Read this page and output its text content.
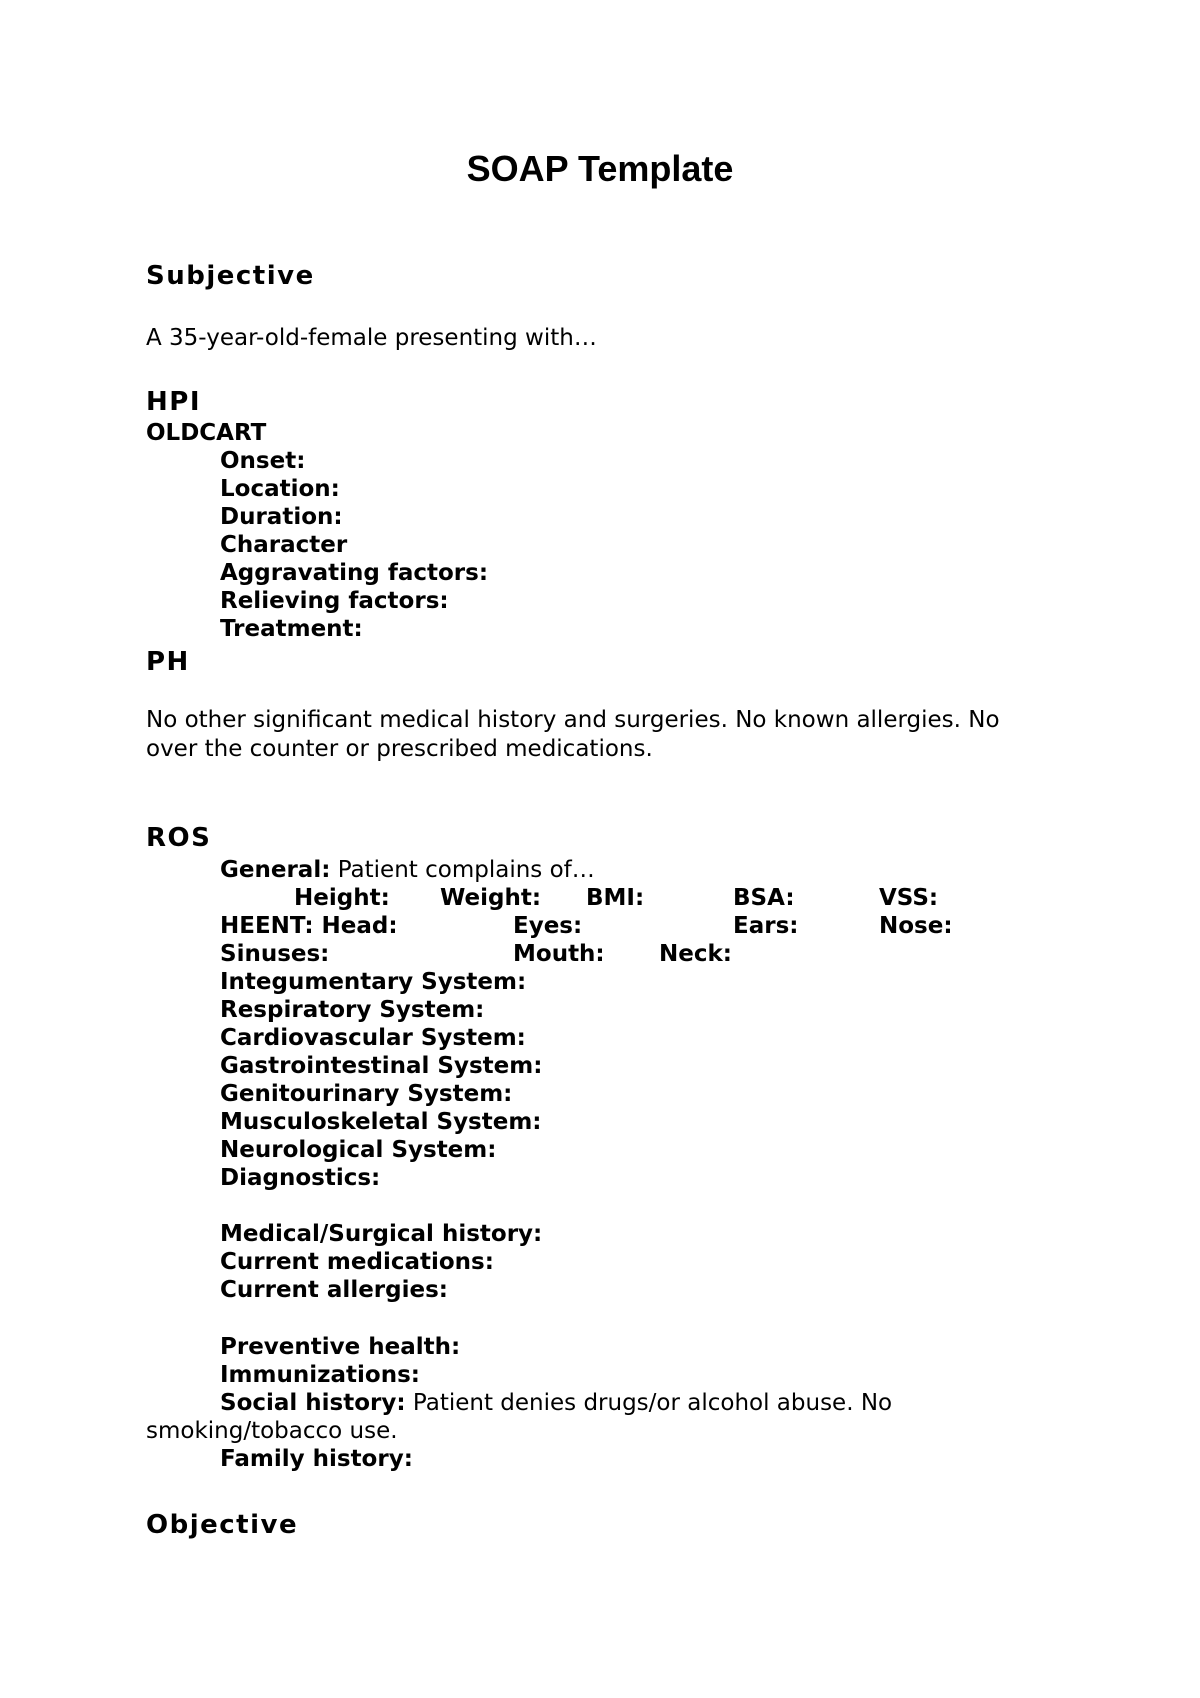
SOAP Template
Subjective
A 35-year-old-female presenting with…
HPI
OLDCART
Onset:
Location:
Duration:
Character
Aggravating factors:
Relieving factors:
Treatment:
PH
No other significant medical history and surgeries. No known allergies. No
over the counter or prescribed medications.
ROS
General: Patient complains of…
Height: Weight: BMI:	BSA:	VSS:
HEENT: Head:	Eyes:	Ears:	Nose:
Sinuses:	Mouth: Neck:
Integumentary System:
Respiratory System:
Cardiovascular System:
Gastrointestinal System:
Genitourinary System:
Musculoskeletal System:
Neurological System:
Diagnostics:
Medical/Surgical history:
Current medications:
Current allergies:
Preventive health:
Immunizations:
Social history: Patient denies drugs/or alcohol abuse. No
smoking/tobacco use.
Family history:
Objective
